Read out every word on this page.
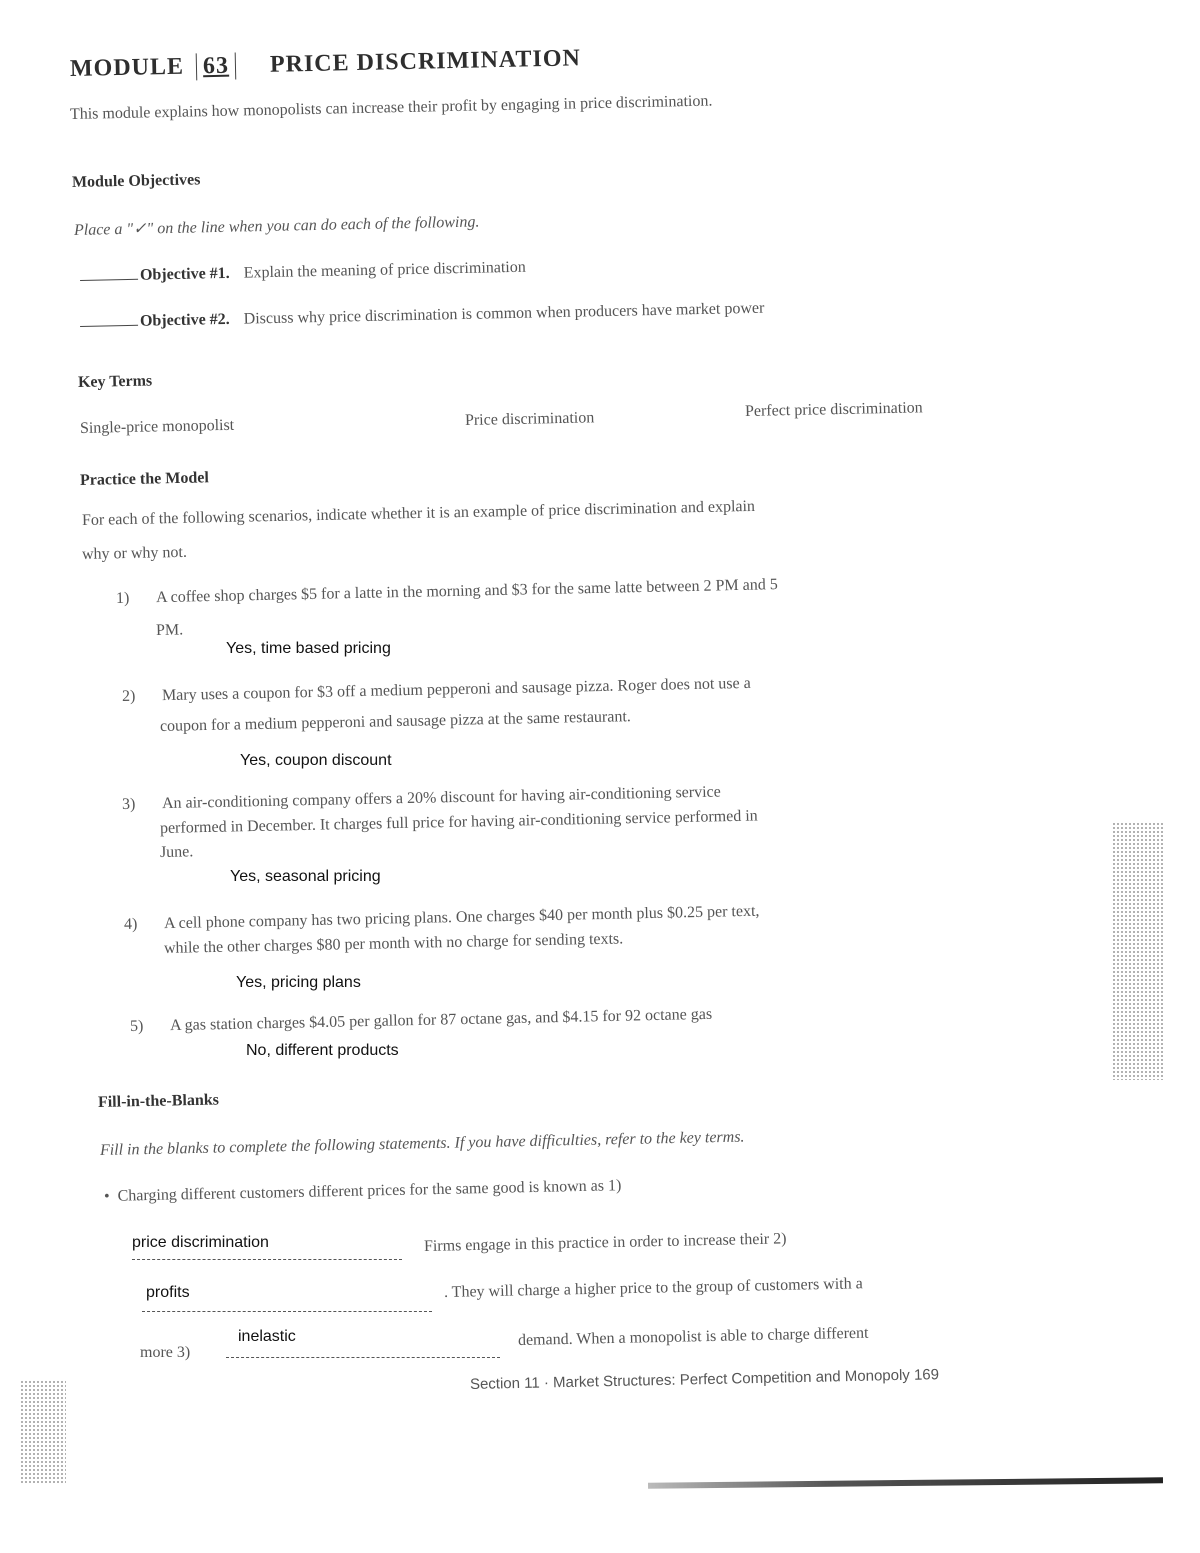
MODULE 63 PRICE DISCRIMINATION
This module explains how monopolists can increase their profit by engaging in price discrimination.
Module Objectives
Place a "✓" on the line when you can do each of the following.
Objective #1. Explain the meaning of price discrimination
Objective #2. Discuss why price discrimination is common when producers have market power
Key Terms
Single-price monopolist	Price discrimination	Perfect price discrimination
Practice the Model
For each of the following scenarios, indicate whether it is an example of price discrimination and explain
why or why not.
1) A coffee shop charges $5 for a latte in the morning and $3 for the same latte between 2 PM and 5
PM.
Yes, time based pricing
2) Mary uses a coupon for $3 off a medium pepperoni and sausage pizza. Roger does not use a
coupon for a medium pepperoni and sausage pizza at the same restaurant.
Yes, coupon discount
3) An air-conditioning company offers a 20% discount for having air-conditioning service
performed in December. It charges full price for having air-conditioning service performed in
June.
Yes, seasonal pricing
4) A cell phone company has two pricing plans. One charges $40 per month plus $0.25 per text,
while the other charges $80 per month with no charge for sending texts.
Yes, pricing plans
5) A gas station charges $4.05 per gallon for 87 octane gas, and $4.15 for 92 octane gas
No, different products
Fill-in-the-Blanks
Fill in the blanks to complete the following statements. If you have difficulties, refer to the key terms.
•  Charging different customers different prices for the same good is known as 1)
price discrimination	Firms engage in this practice in order to increase their 2)
profits	. They will charge a higher price to the group of customers with a
more 3)
inelastic	demand. When a monopolist is able to charge different
Section 11 · Market Structures: Perfect Competition and Monopoly 169
